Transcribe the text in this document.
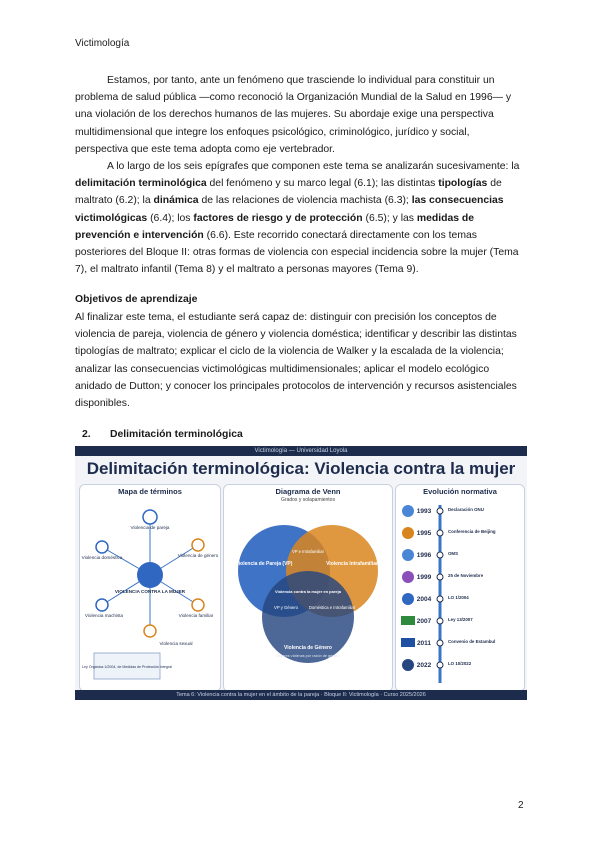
Victimología

Estamos, por tanto, ante un fenómeno que trasciende lo individual para constituir un problema de salud pública —como reconoció la Organización Mundial de la Salud en 1996— y una violación de los derechos humanos de las mujeres. Su abordaje exige una perspectiva multidimensional que integre los enfoques psicológico, criminológico, jurídico y social, perspectiva que este tema adopta como eje vertebrador.

A lo largo de los seis epígrafes que componen este tema se analizarán sucesivamente: la delimitación terminológica del fenómeno y su marco legal (6.1); las distintas tipologías de maltrato (6.2); la dinámica de las relaciones de violencia machista (6.3); las consecuencias victimológicas (6.4); los factores de riesgo y de protección (6.5); y las medidas de prevención e intervención (6.6). Este recorrido conectará directamente con los temas posteriores del Bloque II: otras formas de violencia con especial incidencia sobre la mujer (Tema 7), el maltrato infantil (Tema 8) y el maltrato a personas mayores (Tema 9).

Objetivos de aprendizaje

Al finalizar este tema, el estudiante será capaz de: distinguir con precisión los conceptos de violencia de pareja, violencia de género y violencia doméstica; identificar y describir las distintas tipologías de maltrato; explicar el ciclo de la violencia de Walker y la escalada de la violencia; analizar las consecuencias victimológicas multidimensionales; aplicar el modelo ecológico anidado de Dutton; y conocer los principales protocolos de intervención y recursos asistenciales disponibles.

2. Delimitación terminológica
Victimología — Universidad Loyola
Delimitación terminológica: Violencia contra la mujer
Mapa de términos
VIOLENCIA CONTRA LA MUJER
Violencia de pareja
Violencia doméstica	Violencia de género
Violencia machista	Violencia familiar
Violencia sexual
Ley Orgánica 1/2004, de Medidas de Protección Integral
Diagrama de Venn
Grados y solapamientos
Violencia de Pareja (VP)	Violencia Intrafamiliar
VP e Intrafamiliar
Violencia contra la mujer en pareja
VP y Género	Doméstica e Intrafamiliar
Violencia de Género
Mujeres víctimas por razón de género
Evolución normativa
1993	Declaración ONU
1995	Conferencia de Beijing
1996	OMS
1999	25 de Noviembre
2004	LO 1/2004
2007	Ley 13/2007
2011	Convenio de Estambul
2022	LO 10/2022
Tema 6: Violencia contra la mujer en el ámbito de la pareja · Bloque II: Victimología · Curso 2025/2026
2
